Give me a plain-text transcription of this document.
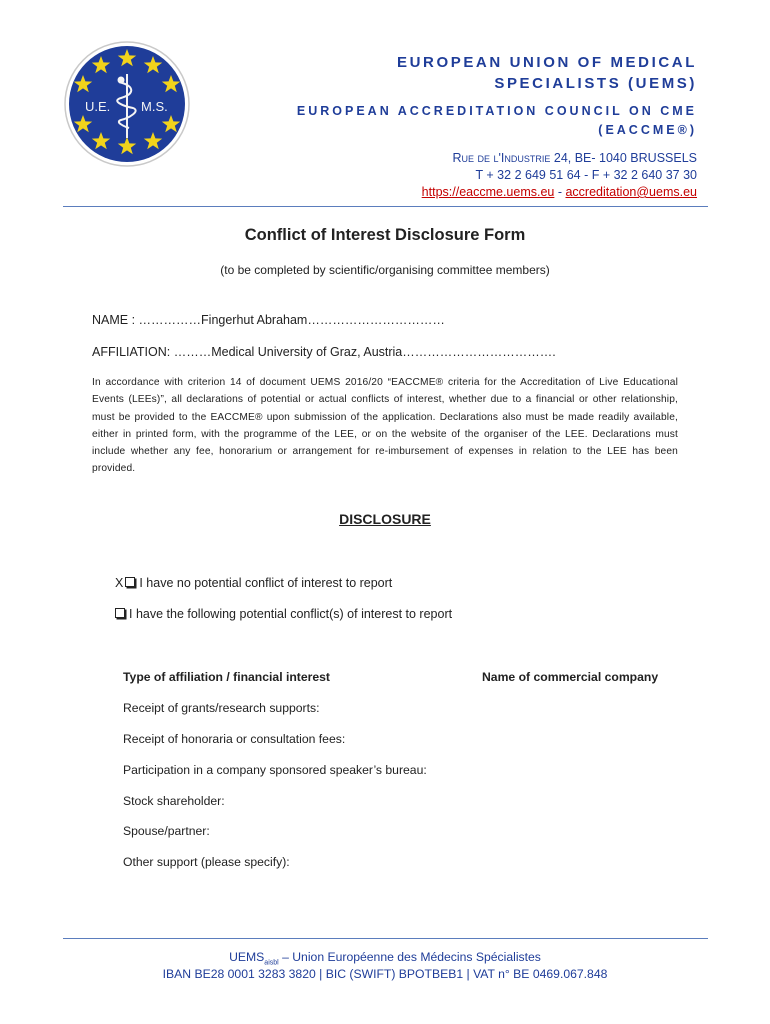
U.E. M.S.
EUROPEAN UNION OF MEDICAL
SPECIALISTS (UEMS)
EUROPEAN ACCREDITATION COUNCIL ON CME
(EACCME®)
Rue de l'Industrie 24, BE- 1040 BRUSSELS
T + 32 2 649 51 64 - F + 32 2 640 37 30
https://eaccme.uems.eu - accreditation@uems.eu
Conflict of Interest Disclosure Form
(to be completed by scientific/organising committee members)
NAME : ……………Fingerhut Abraham……………………………
AFFILIATION: ………Medical University of Graz, Austria……………………………….
In accordance with criterion 14 of document UEMS 2016/20 “EACCME® criteria for the Accreditation of Live Educational Events (LEEs)”, all declarations of potential or actual conflicts of interest, whether due to a financial or other relationship, must be provided to the EACCME® upon submission of the application. Declarations also must be made readily available, either in printed form, with the programme of the LEE, or on the website of the organiser of the LEE. Declarations must include whether any fee, honorarium or arrangement for re-imbursement of expenses in relation to the LEE has been provided.
DISCLOSURE
X I have no potential conflict of interest to report
I have the following potential conflict(s) of interest to report
Type of affiliation / financial interest	Name of commercial company
Receipt of grants/research supports:
Receipt of honoraria or consultation fees:
Participation in a company sponsored speaker’s bureau:
Stock shareholder:
Spouse/partner:
Other support (please specify):
$UEMS_{aisbl}$ – Union Européenne des Médecins Spécialistes
IBAN BE28 0001 3283 3820 | BIC (SWIFT) BPOTBEB1 | VAT n° BE 0469.067.848
